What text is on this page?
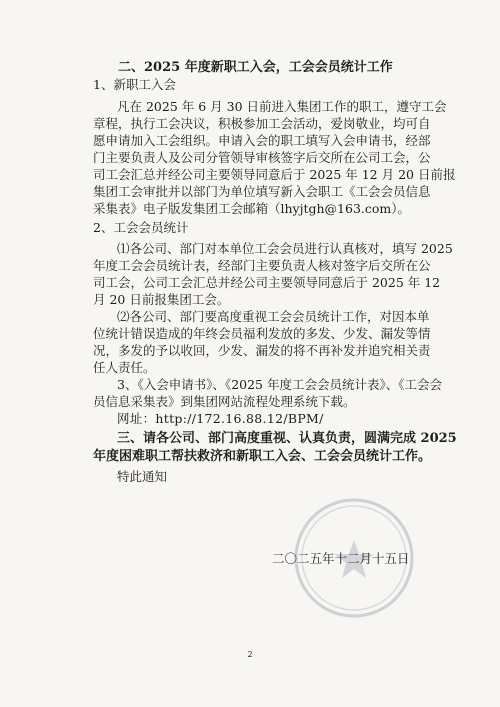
二、2025 年度新职工入会，工会会员统计工作
1、新职工入会
凡在 2025 年 6 月 30 日前进入集团工作的职工，遵守工会
章程，执行工会决议，积极参加工会活动，爱岗敬业，均可自
愿申请加入工会组织。申请入会的职工填写入会申请书，经部
门主要负责人及公司分管领导审核签字后交所在公司工会，公
司工会汇总并经公司主要领导同意后于 2025 年 12 月 20 日前报
集团工会审批并以部门为单位填写新入会职工《工会会员信息
采集表》电子版发集团工会邮箱（lhyjtgh@163.com）。
2、工会会员统计
⑴各公司、部门对本单位工会会员进行认真核对，填写 2025
年度工会会员统计表，经部门主要负责人核对签字后交所在公
司工会，公司工会汇总并经公司主要领导同意后于 2025 年 12
月 20 日前报集团工会。
⑵各公司、部门要高度重视工会会员统计工作，对因本单
位统计错误造成的年终会员福利发放的多发、少发、漏发等情
况，多发的予以收回，少发、漏发的将不再补发并追究相关责
任人责任。
3、《入会申请书》、《2025 年度工会会员统计表》、《工会会
员信息采集表》到集团网站流程处理系统下载。
网址：http://172.16.88.12/BPM/
三、请各公司、部门高度重视、认真负责，圆满完成 2025
年度困难职工帮扶救济和新职工入会、工会会员统计工作。
特此通知
二〇二五年十二月十五日
2
